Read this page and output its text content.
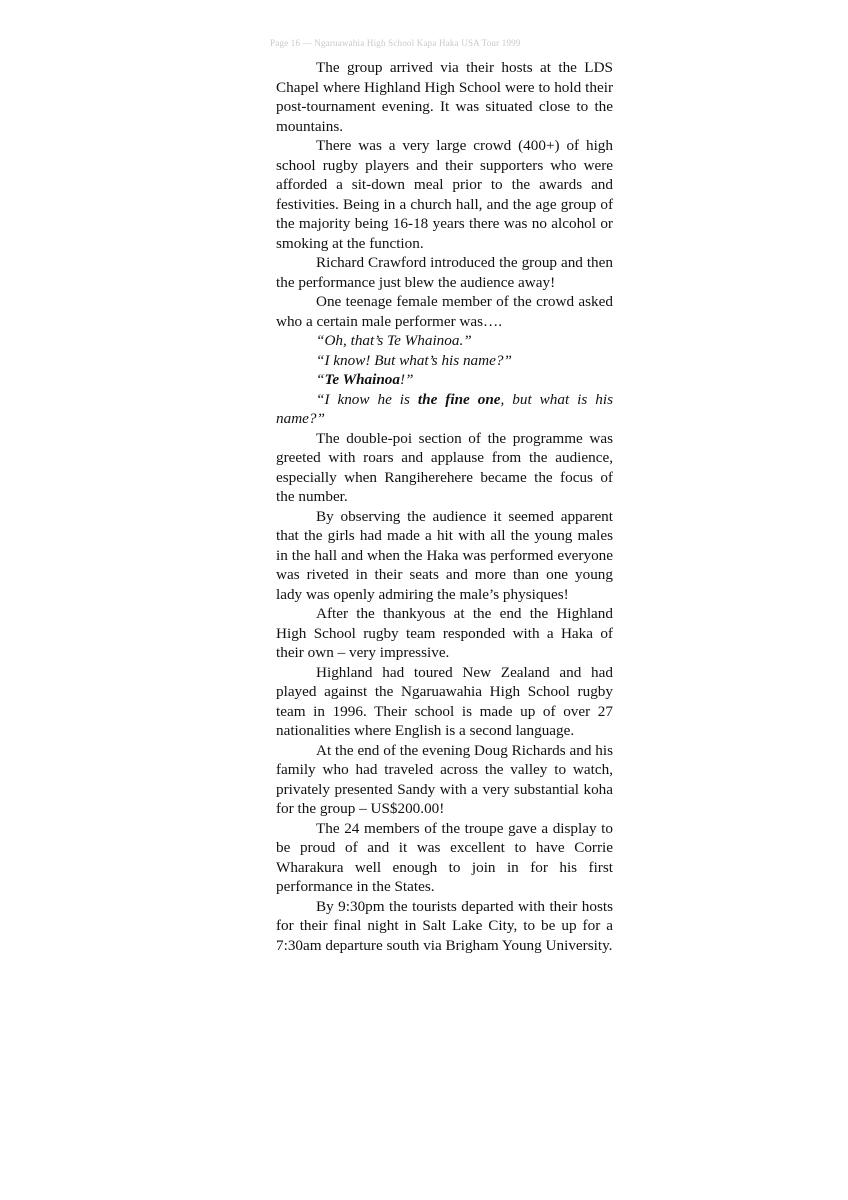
Page 16 — Ngaruawahia High School Kapa Haka USA Tour 1999

The group arrived via their hosts at the LDS Chapel where Highland High School were to hold their post-tournament evening. It was situated close to the mountains.

There was a very large crowd (400+) of high school rugby players and their supporters who were afforded a sit-down meal prior to the awards and festivities. Being in a church hall, and the age group of the majority being 16-18 years there was no alcohol or smoking at the function.

Richard Crawford introduced the group and then the performance just blew the audience away!

One teenage female member of the crowd asked who a certain male performer was….

“Oh, that’s Te Whainoa.”

“I know! But what’s his name?”

“Te Whainoa!”

“I know he is the fine one, but what is his name?”

The double-poi section of the programme was greeted with roars and applause from the audience, especially when Rangiherehere became the focus of the number.

By observing the audience it seemed apparent that the girls had made a hit with all the young males in the hall and when the Haka was performed everyone was riveted in their seats and more than one young lady was openly admiring the male’s physiques!

After the thankyous at the end the Highland High School rugby team responded with a Haka of their own – very impressive.

Highland had toured New Zealand and had played against the Ngaruawahia High School rugby team in 1996. Their school is made up of over 27 nationalities where English is a second language.

At the end of the evening Doug Richards and his family who had traveled across the valley to watch, privately presented Sandy with a very substantial koha for the group – US$200.00!

The 24 members of the troupe gave a display to be proud of and it was excellent to have Corrie Wharakura well enough to join in for his first performance in the States.

By 9:30pm the tourists departed with their hosts for their final night in Salt Lake City, to be up for a 7:30am departure south via Brigham Young University.
